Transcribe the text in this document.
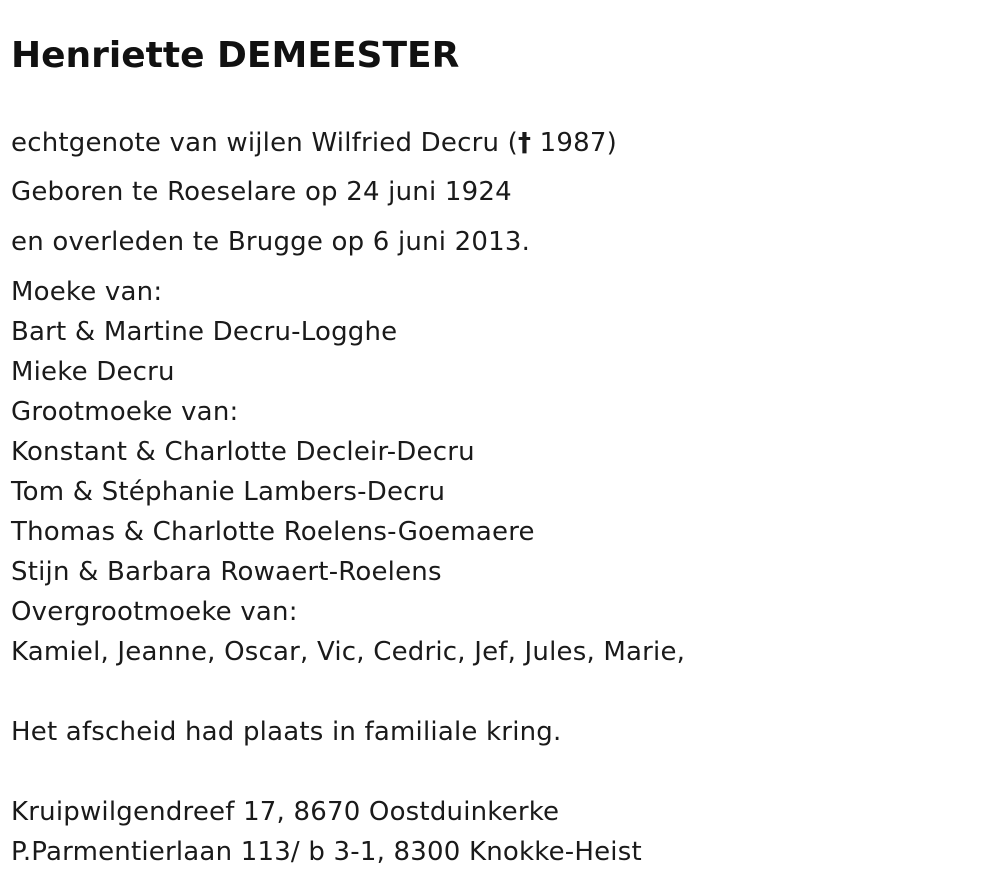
Henriette DEMEESTER

echtgenote van wijlen Wilfried Decru († 1987)

Geboren te Roeselare op 24 juni 1924

en overleden te Brugge op 6 juni 2013.

Moeke van:

Bart & Martine Decru-Logghe

Mieke Decru

Grootmoeke van:

Konstant & Charlotte Decleir-Decru

Tom & Stéphanie Lambers-Decru

Thomas & Charlotte Roelens-Goemaere

Stijn & Barbara Rowaert-Roelens

Overgrootmoeke van:

Kamiel, Jeanne, Oscar, Vic, Cedric, Jef, Jules, Marie,

Het afscheid had plaats in familiale kring.

Kruipwilgendreef 17, 8670 Oostduinkerke

P.Parmentierlaan 113/ b 3-1, 8300 Knokke-Heist
